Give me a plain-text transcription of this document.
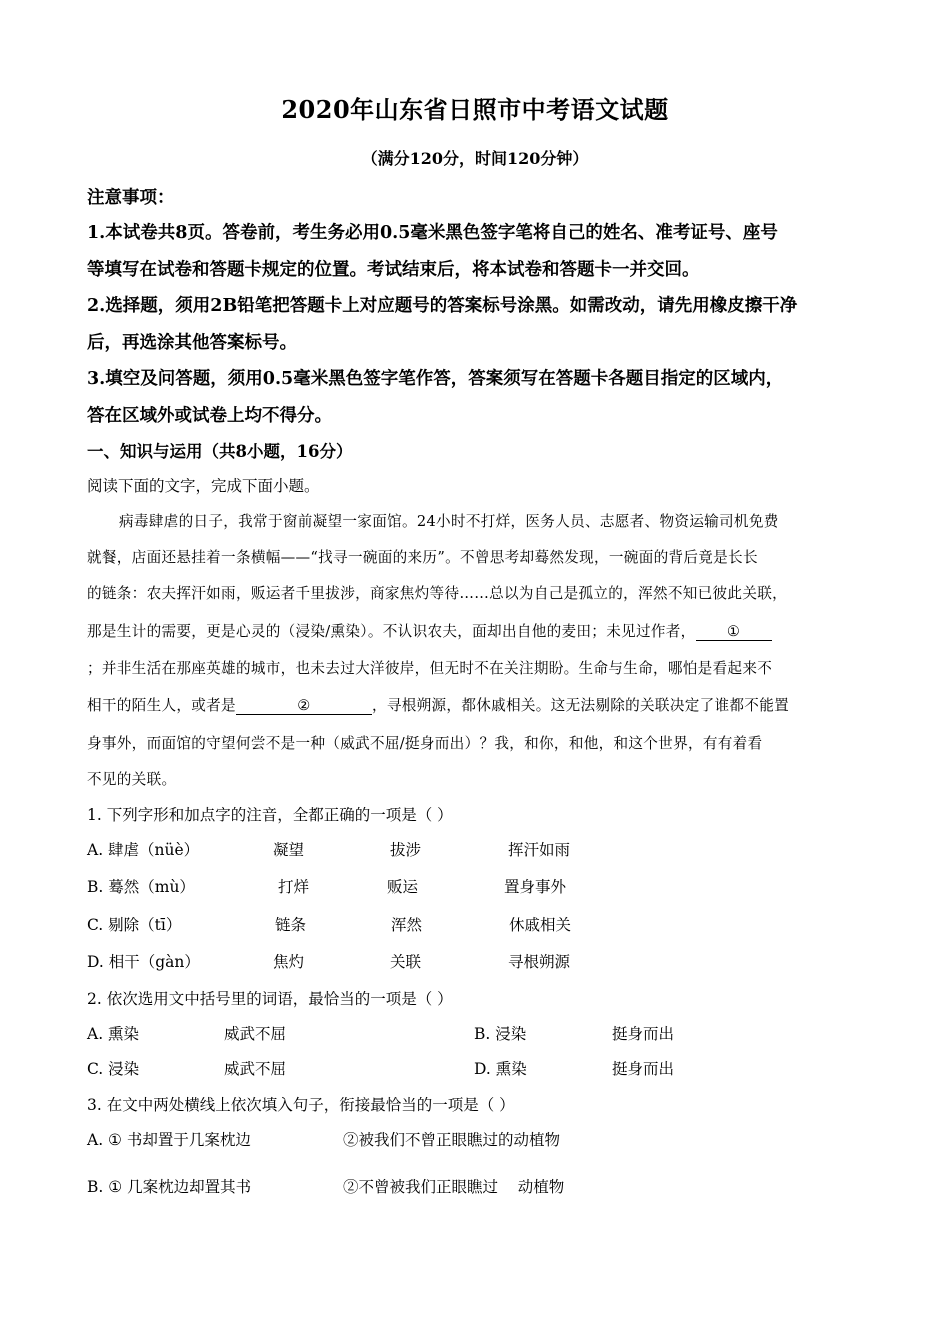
2020年山东省日照市中考语文试题
（满分120分，时间120分钟）
注意事项：
1.本试卷共8页。答卷前，考生务必用0.5毫米黑色签字笔将自己的姓名、准考证号、座号
等填写在试卷和答题卡规定的位置。考试结束后，将本试卷和答题卡一并交回。
2.选择题，须用2B铅笔把答题卡上对应题号的答案标号涂黑。如需改动，请先用橡皮擦干净
后，再选涂其他答案标号。
3.填空及问答题，须用0.5毫米黑色签字笔作答，答案须写在答题卡各题目指定的区域内，
答在区域外或试卷上均不得分。
一、知识与运用（共8小题，16分）
阅读下面的文字，完成下面小题。
病毒肆虐的日子，我常于窗前凝望一家面馆。24小时不打烊，医务人员、志愿者、物资运输司机免费
就餐，店面还悬挂着一条横幅——“找寻一碗面的来历”。不曾思考却蓦然发现，一碗面的背后竟是长长
的链条：农夫挥汗如雨，贩运者千里拔涉，商家焦灼等待……总以为自己是孤立的，浑然不知已彼此关联，
那是生计的需要，更是心灵的（浸染/熏染）。不认识农夫，面却出自他的麦田；未见过作者， ①
；并非生活在那座英雄的城市，也未去过大洋彼岸，但无时不在关注期盼。生命与生命，哪怕是看起来不
相干的陌生人，或者是	②	，寻根朔源，都休戚相关。这无法剔除的关联决定了谁都不能置
身事外，而面馆的守望何尝不是一种（威武不屈/挺身而出）？我，和你，和他，和这个世界，有有着看
不见的关联。
1. 下列字形和加点字的注音，全都正确的一项是（ ）
A. 肆虐（nüè）	凝望	拔涉	挥汗如雨
B. 蓦然（mù）	打烊	贩运	置身事外
C. 剔除（tī）	链条	浑然	休戚相关
D. 相干（gàn）	焦灼	关联	寻根朔源
2. 依次选用文中括号里的词语，最恰当的一项是（ ）
A. 熏染	威武不屈	B. 浸染	挺身而出
C. 浸染	威武不屈	D. 熏染	挺身而出
3. 在文中两处横线上依次填入句子，衔接最恰当的一项是（ ）
A. ① 书却置于几案枕边	②被我们不曾正眼瞧过的动植物
B. ① 几案枕边却置其书	②不曾被我们正眼瞧过    动植物
